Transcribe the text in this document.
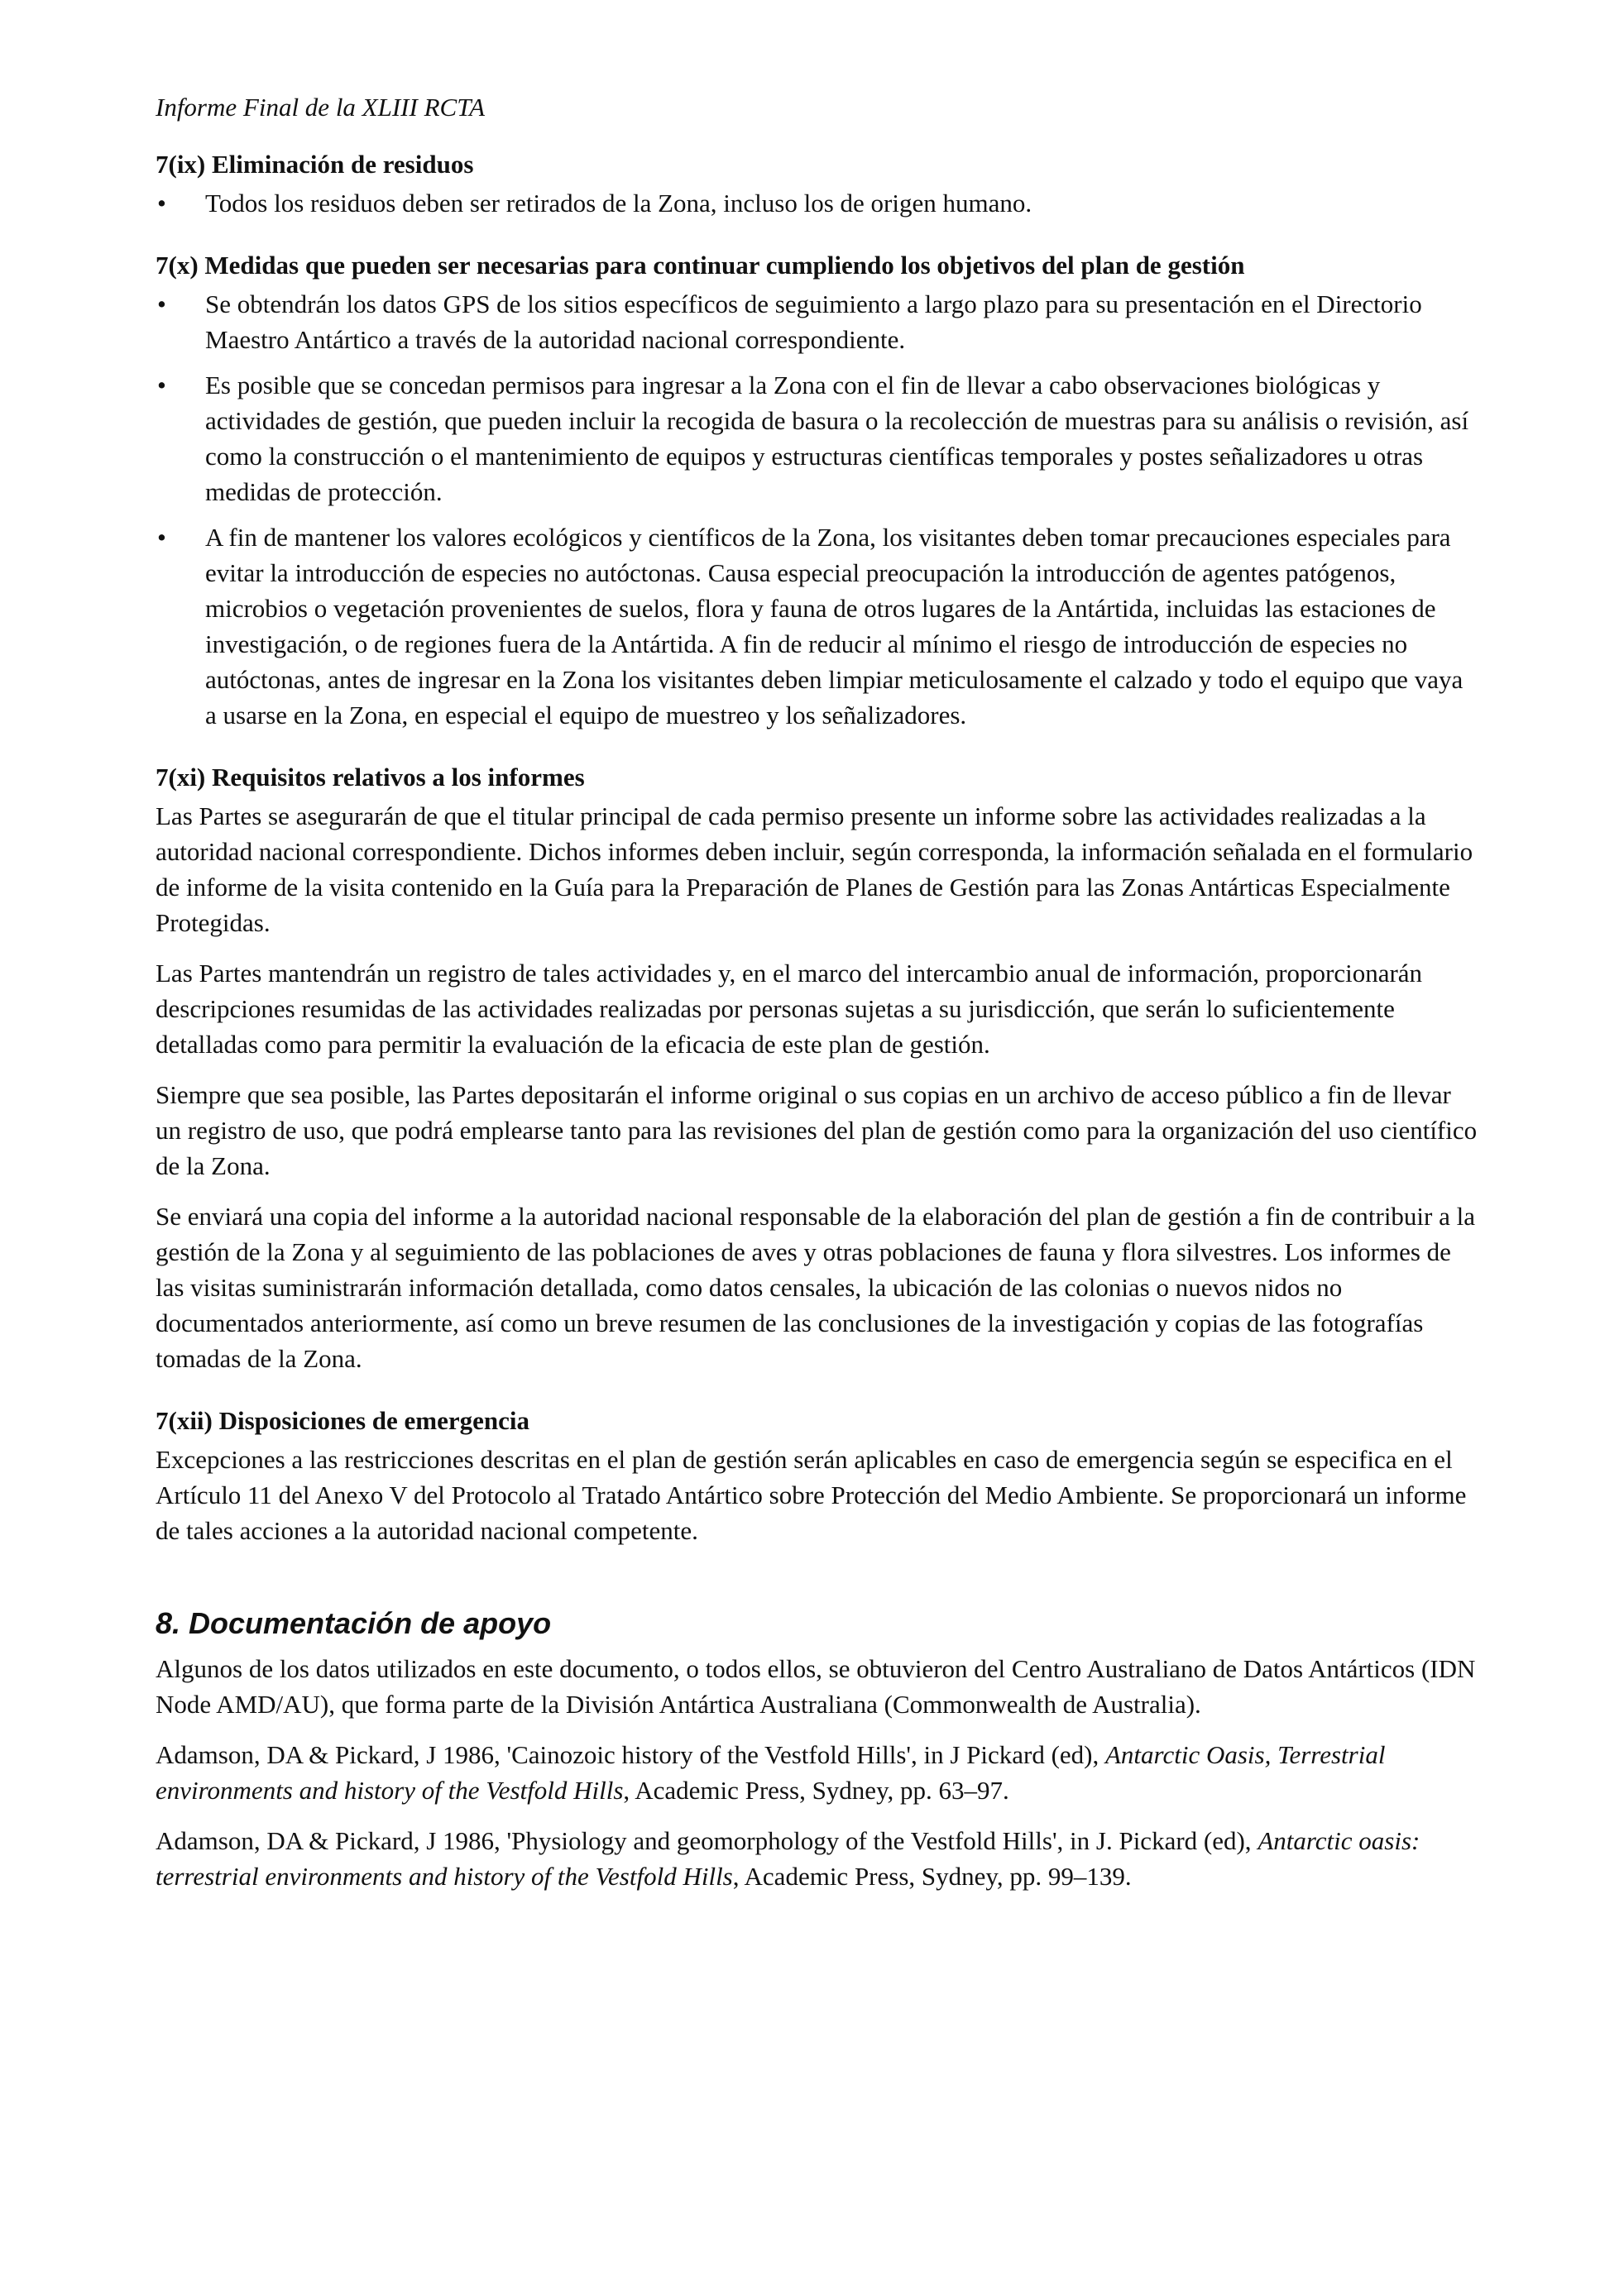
Informe Final de la XLIII RCTA
7(ix) Eliminación de residuos
• Todos los residuos deben ser retirados de la Zona, incluso los de origen humano.
7(x) Medidas que pueden ser necesarias para continuar cumpliendo los objetivos del plan de gestión
• Se obtendrán los datos GPS de los sitios específicos de seguimiento a largo plazo para su presentación en el Directorio Maestro Antártico a través de la autoridad nacional correspondiente.
• Es posible que se concedan permisos para ingresar a la Zona con el fin de llevar a cabo observaciones biológicas y actividades de gestión, que pueden incluir la recogida de basura o la recolección de muestras para su análisis o revisión, así como la construcción o el mantenimiento de equipos y estructuras científicas temporales y postes señalizadores u otras medidas de protección.
• A fin de mantener los valores ecológicos y científicos de la Zona, los visitantes deben tomar precauciones especiales para evitar la introducción de especies no autóctonas. Causa especial preocupación la introducción de agentes patógenos, microbios o vegetación provenientes de suelos, flora y fauna de otros lugares de la Antártida, incluidas las estaciones de investigación, o de regiones fuera de la Antártida. A fin de reducir al mínimo el riesgo de introducción de especies no autóctonas, antes de ingresar en la Zona los visitantes deben limpiar meticulosamente el calzado y todo el equipo que vaya a usarse en la Zona, en especial el equipo de muestreo y los señalizadores.
7(xi) Requisitos relativos a los informes

Las Partes se asegurarán de que el titular principal de cada permiso presente un informe sobre las actividades realizadas a la autoridad nacional correspondiente. Dichos informes deben incluir, según corresponda, la información señalada en el formulario de informe de la visita contenido en la Guía para la Preparación de Planes de Gestión para las Zonas Antárticas Especialmente Protegidas.

Las Partes mantendrán un registro de tales actividades y, en el marco del intercambio anual de información, proporcionarán descripciones resumidas de las actividades realizadas por personas sujetas a su jurisdicción, que serán lo suficientemente detalladas como para permitir la evaluación de la eficacia de este plan de gestión.

Siempre que sea posible, las Partes depositarán el informe original o sus copias en un archivo de acceso público a fin de llevar un registro de uso, que podrá emplearse tanto para las revisiones del plan de gestión como para la organización del uso científico de la Zona.

Se enviará una copia del informe a la autoridad nacional responsable de la elaboración del plan de gestión a fin de contribuir a la gestión de la Zona y al seguimiento de las poblaciones de aves y otras poblaciones de fauna y flora silvestres. Los informes de las visitas suministrarán información detallada, como datos censales, la ubicación de las colonias o nuevos nidos no documentados anteriormente, así como un breve resumen de las conclusiones de la investigación y copias de las fotografías tomadas de la Zona.

7(xii) Disposiciones de emergencia

Excepciones a las restricciones descritas en el plan de gestión serán aplicables en caso de emergencia según se especifica en el Artículo 11 del Anexo V del Protocolo al Tratado Antártico sobre Protección del Medio Ambiente. Se proporcionará un informe de tales acciones a la autoridad nacional competente.

8. Documentación de apoyo

Algunos de los datos utilizados en este documento, o todos ellos, se obtuvieron del Centro Australiano de Datos Antárticos (IDN Node AMD/AU), que forma parte de la División Antártica Australiana (Commonwealth de Australia).

Adamson, DA & Pickard, J 1986, 'Cainozoic history of the Vestfold Hills', in J Pickard (ed), Antarctic Oasis, Terrestrial environments and history of the Vestfold Hills, Academic Press, Sydney, pp. 63–97.

Adamson, DA & Pickard, J 1986, 'Physiology and geomorphology of the Vestfold Hills', in J. Pickard (ed), Antarctic oasis: terrestrial environments and history of the Vestfold Hills, Academic Press, Sydney, pp. 99–139.
